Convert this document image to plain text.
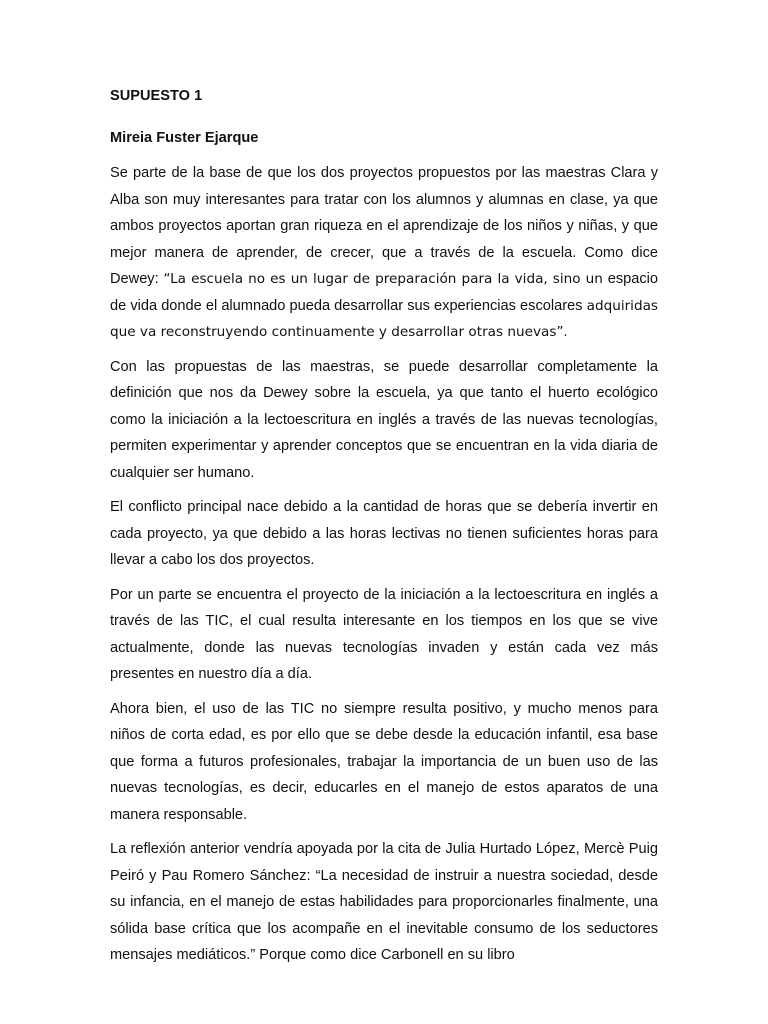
SUPUESTO 1

Mireia Fuster Ejarque

Se parte de la base de que los dos proyectos propuestos por las maestras Clara y Alba son muy interesantes para tratar con los alumnos y alumnas en clase, ya que ambos proyectos aportan gran riqueza en el aprendizaje de los niños y niñas, y que mejor manera de aprender, de crecer, que a través de la escuela. Como dice Dewey: “La escuela no es un lugar de preparación para la vida, sino un espacio de vida donde el alumnado pueda desarrollar sus experiencias escolares adquiridas que va reconstruyendo continuamente y desarrollar otras nuevas”.

Con las propuestas de las maestras, se puede desarrollar completamente la definición que nos da Dewey sobre la escuela, ya que tanto el huerto ecológico como la iniciación a la lectoescritura en inglés a través de las nuevas tecnologías, permiten experimentar y aprender conceptos que se encuentran en la vida diaria de cualquier ser humano.

El conflicto principal nace debido a la cantidad de horas que se debería invertir en cada proyecto, ya que debido a las horas lectivas no tienen suficientes horas para llevar a cabo los dos proyectos.

Por un parte se encuentra el proyecto de la iniciación a la lectoescritura en inglés a través de las TIC, el cual resulta interesante en los tiempos en los que se vive actualmente, donde las nuevas tecnologías invaden y están cada vez más presentes en nuestro día a día.

Ahora bien, el uso de las TIC no siempre resulta positivo, y mucho menos para niños de corta edad, es por ello que se debe desde la educación infantil, esa base que forma a futuros profesionales, trabajar la importancia de un buen uso de las nuevas tecnologías, es decir, educarles en el manejo de estos aparatos de una manera responsable.

La reflexión anterior vendría apoyada por la cita de Julia Hurtado López, Mercè Puig Peiró y Pau Romero Sánchez: “La necesidad de instruir a nuestra sociedad, desde su infancia, en el manejo de estas habilidades para proporcionarles finalmente, una sólida base crítica que los acompañe en el inevitable consumo de los seductores mensajes mediáticos.” Porque como dice Carbonell en su libro
